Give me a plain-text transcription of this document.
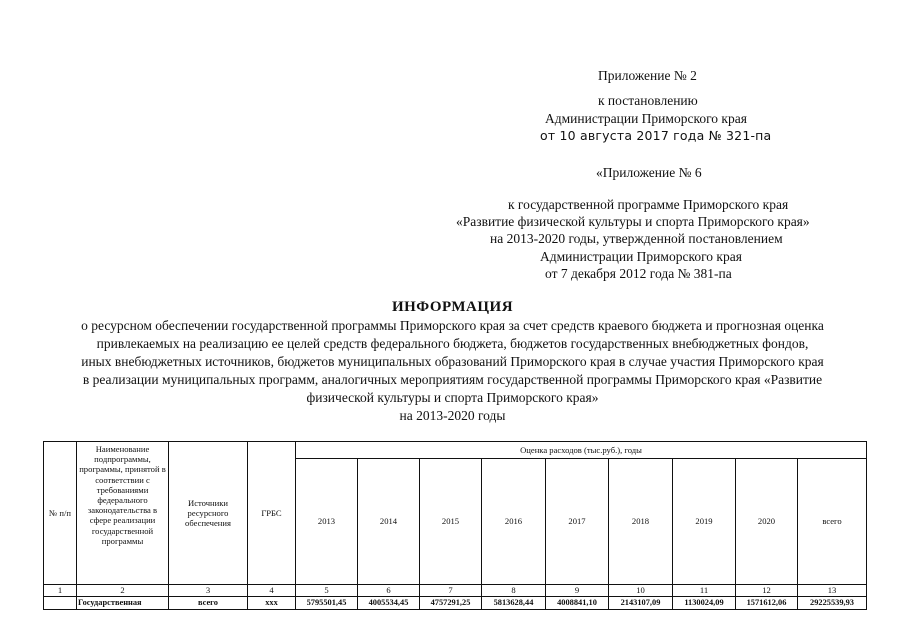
Приложение № 2
к постановлению
Администрации Приморского края
от 10 августа 2017 года № 321-па
«Приложение № 6
к государственной программе Приморского края
«Развитие физической культуры и спорта Приморского края»
на 2013-2020 годы, утвержденной постановлением
Администрации Приморского края
от 7 декабря 2012 года № 381-па
ИНФОРМАЦИЯ
о ресурсном обеспечении государственной программы Приморского края за счет средств краевого бюджета и прогнозная оценка
привлекаемых на реализацию ее целей средств федерального бюджета, бюджетов государственных внебюджетных фондов,
иных внебюджетных источников, бюджетов муниципальных образований Приморского края в случае участия Приморского края
в реализации муниципальных программ, аналогичных мероприятиям государственной программы Приморского края «Развитие
физической культуры и спорта Приморского края»
на 2013-2020 годы
№ п/п	Наименование подпрограммы, программы, принятой в соответствии с требованиями федерального законодательства в сфере реализации государственной программы	Источники ресурсного обеспечения	ГРБС	Оценка расходов (тыс.руб.), годы								
				2013	2014	2015	2016	2017	2018	2019	2020	всего
1	2	3	4	5	6	7	8	9	10	11	12	13
	Государственная	всего	ххх	5795501,45	4005534,45	4757291,25	5813628,44	4008841,10	2143107,09	1130024,09	1571612,06	29225539,93
